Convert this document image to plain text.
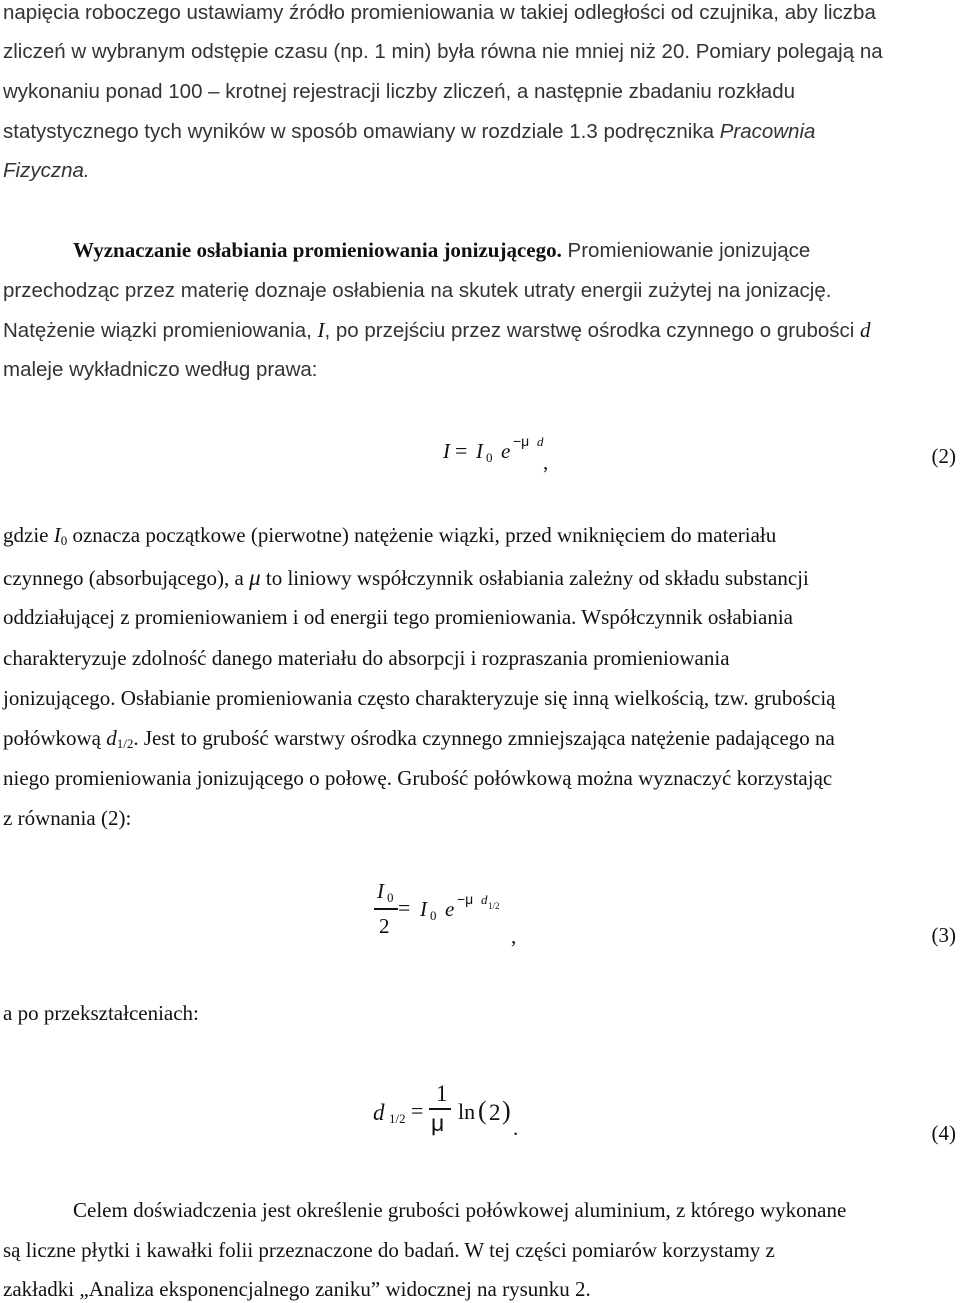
napięcia roboczego ustawiamy źródło promieniowania w takiej odległości od czujnika, aby liczba
zliczeń w wybranym odstępie czasu (np. 1 min) była równa nie mniej niż 20. Pomiary polegają na
wykonaniu ponad 100 – krotnej rejestracji liczby zliczeń, a następnie zbadaniu rozkładu
statystycznego tych wyników w sposób omawiany w rozdziale 1.3 podręcznika Pracownia
Fizyczna.
Wyznaczanie osłabiania promieniowania jonizującego. Promieniowanie jonizujące
przechodząc przez materię doznaje osłabienia na skutek utraty energii zużytej na jonizację.
Natężenie wiązki promieniowania, I, po przejściu przez warstwę ośrodka czynnego o grubości d
maleje wykładniczo według prawa:
I = I 0 e −μ d
,	(2)
gdzie I0 oznacza początkowe (pierwotne) natężenie wiązki, przed wniknięciem do materiału
czynnego (absorbującego), a μ to liniowy współczynnik osłabiania zależny od składu substancji
oddziałującej z promieniowaniem i od energii tego promieniowania. Współczynnik osłabiania
charakteryzuje zdolność danego materiału do absorpcji i rozpraszania promieniowania
jonizującego. Osłabianie promieniowania często charakteryzuje się inną wielkością, tzw. grubością
połówkową d1/2. Jest to grubość warstwy ośrodka czynnego zmniejszająca natężenie padającego na
niego promieniowania jonizującego o połowę. Grubość połówkową można wyznaczyć korzystając
z równania (2):
I 0
2
= I 0 e −μ d 1/2
,	(3)
a po przekształceniach:
d 1/2 =
1
μ ln ( 2 )
.	(4)
Celem doświadczenia jest określenie grubości połówkowej aluminium, z którego wykonane
są liczne płytki i kawałki folii przeznaczone do badań. W tej części pomiarów korzystamy z
zakładki „Analiza eksponencjalnego zaniku” widocznej na rysunku 2.
